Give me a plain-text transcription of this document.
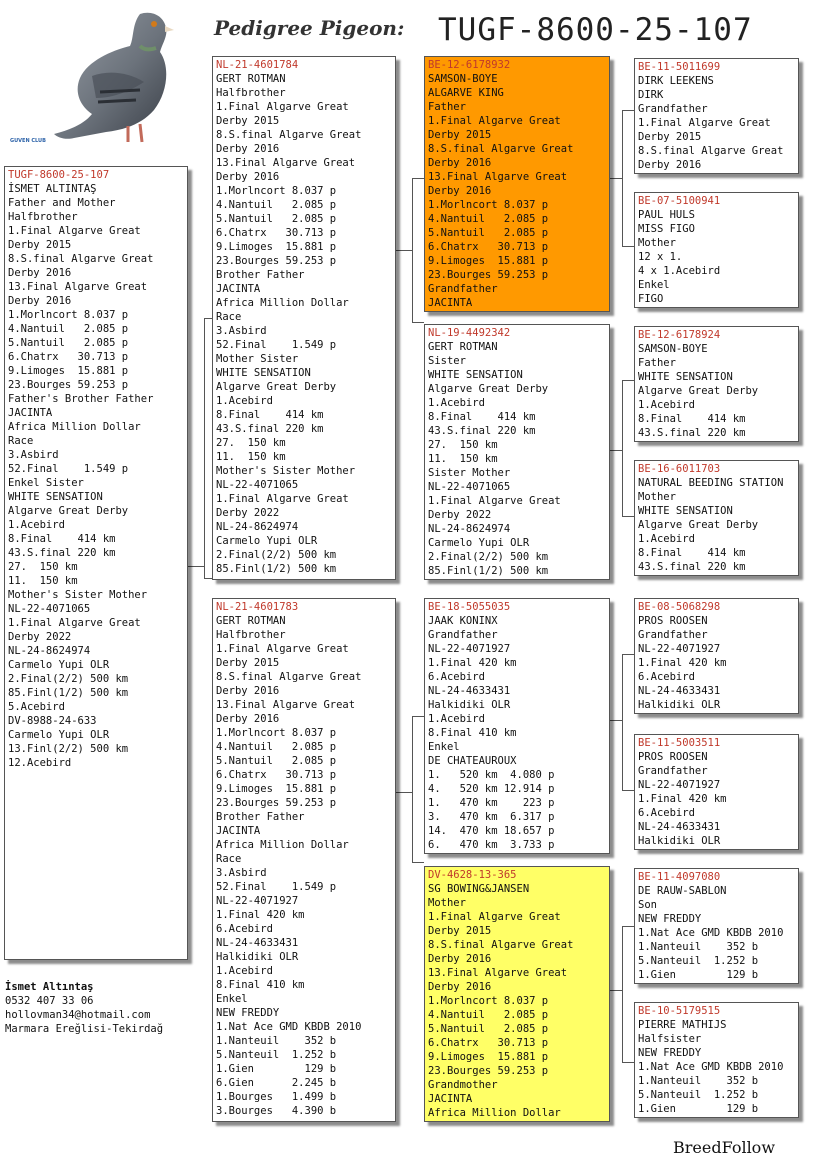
GUVEN CLUB
Pedigree Pigeon: TUGF-8600-25-107
TUGF-8600-25-107
İSMET ALTINTAŞ
Father and Mother
Halfbrother
1.Final Algarve Great
Derby 2015
8.S.final Algarve Great
Derby 2016
13.Final Algarve Great
Derby 2016
1.Morlncort 8.037 p
4.Nantuil   2.085 p
5.Nantuil   2.085 p
6.Chatrx   30.713 p
9.Limoges  15.881 p
23.Bourges 59.253 p
Father's Brother Father
JACINTA
Africa Million Dollar
Race
3.Asbird
52.Final    1.549 p
Enkel Sister
WHITE SENSATION
Algarve Great Derby
1.Acebird
8.Final    414 km
43.S.final 220 km
27.  150 km
11.  150 km
Mother's Sister Mother
NL-22-4071065
1.Final Algarve Great
Derby 2022
NL-24-8624974
Carmelo Yupi OLR
2.Final(2/2) 500 km
85.Finl(1/2) 500 km
5.Acebird
DV-8988-24-633
Carmelo Yupi OLR
13.Finl(2/2) 500 km
12.Acebird
NL-21-4601784
GERT ROTMAN
Halfbrother
1.Final Algarve Great
Derby 2015
8.S.final Algarve Great
Derby 2016
13.Final Algarve Great
Derby 2016
1.Morlncort 8.037 p
4.Nantuil   2.085 p
5.Nantuil   2.085 p
6.Chatrx   30.713 p
9.Limoges  15.881 p
23.Bourges 59.253 p
Brother Father
JACINTA
Africa Million Dollar
Race
3.Asbird
52.Final    1.549 p
Mother Sister
WHITE SENSATION
Algarve Great Derby
1.Acebird
8.Final    414 km
43.S.final 220 km
27.  150 km
11.  150 km
Mother's Sister Mother
NL-22-4071065
1.Final Algarve Great
Derby 2022
NL-24-8624974
Carmelo Yupi OLR
2.Final(2/2) 500 km
85.Finl(1/2) 500 km
NL-21-4601783
GERT ROTMAN
Halfbrother
1.Final Algarve Great
Derby 2015
8.S.final Algarve Great
Derby 2016
13.Final Algarve Great
Derby 2016
1.Morlncort 8.037 p
4.Nantuil   2.085 p
5.Nantuil   2.085 p
6.Chatrx   30.713 p
9.Limoges  15.881 p
23.Bourges 59.253 p
Brother Father
JACINTA
Africa Million Dollar
Race
3.Asbird
52.Final    1.549 p
NL-22-4071927
1.Final 420 km
6.Acebird
NL-24-4633431
Halkidiki OLR
1.Acebird
8.Final 410 km
Enkel
NEW FREDDY
1.Nat Ace GMD KBDB 2010
1.Nanteuil    352 b
5.Nanteuil  1.252 b
1.Gien        129 b
6.Gien      2.245 b
1.Bourges   1.499 b
3.Bourges   4.390 b
BE-12-6178932
SAMSON-BOYE
ALGARVE KING
Father
1.Final Algarve Great
Derby 2015
8.S.final Algarve Great
Derby 2016
13.Final Algarve Great
Derby 2016
1.Morlncort 8.037 p
4.Nantuil   2.085 p
5.Nantuil   2.085 p
6.Chatrx   30.713 p
9.Limoges  15.881 p
23.Bourges 59.253 p
Grandfather
JACINTA
NL-19-4492342
GERT ROTMAN
Sister
WHITE SENSATION
Algarve Great Derby
1.Acebird
8.Final    414 km
43.S.final 220 km
27.  150 km
11.  150 km
Sister Mother
NL-22-4071065
1.Final Algarve Great
Derby 2022
NL-24-8624974
Carmelo Yupi OLR
2.Final(2/2) 500 km
85.Finl(1/2) 500 km
BE-18-5055035
JAAK KONINX
Grandfather
NL-22-4071927
1.Final 420 km
6.Acebird
NL-24-4633431
Halkidiki OLR
1.Acebird
8.Final 410 km
Enkel
DE CHATEAUROUX
1.   520 km  4.080 p
4.   520 km 12.914 p
1.   470 km    223 p
3.   470 km  6.317 p
14.  470 km 18.657 p
6.   470 km  3.733 p
DV-4628-13-365
SG BOWING&JANSEN
Mother
1.Final Algarve Great
Derby 2015
8.S.final Algarve Great
Derby 2016
13.Final Algarve Great
Derby 2016
1.Morlncort 8.037 p
4.Nantuil   2.085 p
5.Nantuil   2.085 p
6.Chatrx   30.713 p
9.Limoges  15.881 p
23.Bourges 59.253 p
Grandmother
JACINTA
Africa Million Dollar
BE-11-5011699
DIRK LEEKENS
DIRK
Grandfather
1.Final Algarve Great
Derby 2015
8.S.final Algarve Great
Derby 2016
BE-07-5100941
PAUL HULS
MISS FIGO
Mother
12 x 1.
4 x 1.Acebird
Enkel
FIGO
BE-12-6178924
SAMSON-BOYE
Father
WHITE SENSATION
Algarve Great Derby
1.Acebird
8.Final    414 km
43.S.final 220 km
BE-16-6011703
NATURAL BEEDING STATION
Mother
WHITE SENSATION
Algarve Great Derby
1.Acebird
8.Final    414 km
43.S.final 220 km
BE-08-5068298
PROS ROOSEN
Grandfather
NL-22-4071927
1.Final 420 km
6.Acebird
NL-24-4633431
Halkidiki OLR
BE-11-5003511
PROS ROOSEN
Grandfather
NL-22-4071927
1.Final 420 km
6.Acebird
NL-24-4633431
Halkidiki OLR
BE-11-4097080
DE RAUW-SABLON
Son
NEW FREDDY
1.Nat Ace GMD KBDB 2010
1.Nanteuil    352 b
5.Nanteuil  1.252 b
1.Gien        129 b
BE-10-5179515
PIERRE MATHIJS
Halfsister
NEW FREDDY
1.Nat Ace GMD KBDB 2010
1.Nanteuil    352 b
5.Nanteuil  1.252 b
1.Gien        129 b
İsmet Altıntaş
0532 407 33 06
hollovman34@hotmail.com
Marmara Ereğlisi-Tekirdağ
BreedFollow
